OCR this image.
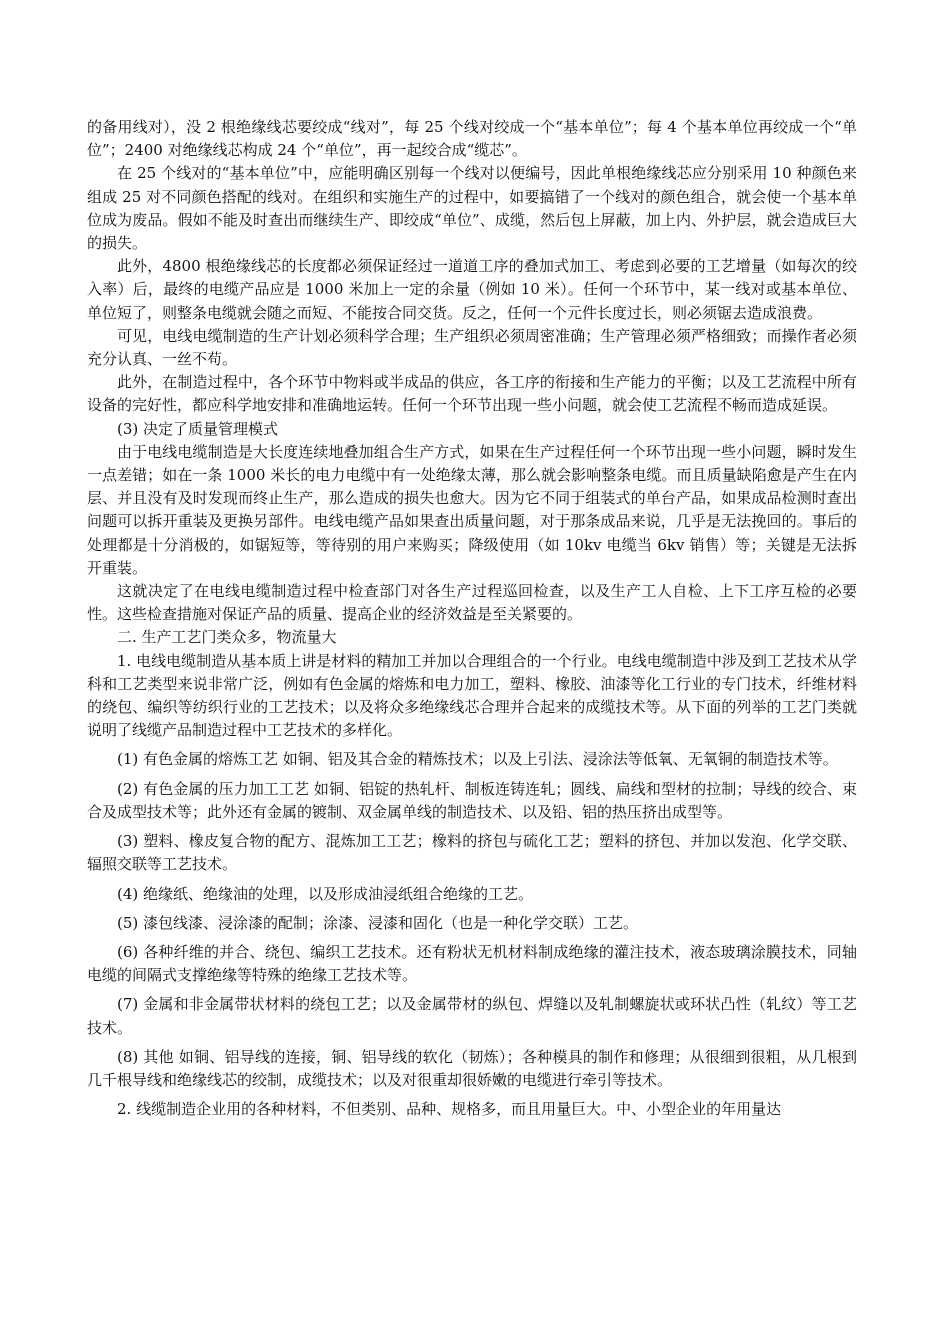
的备用线对），没 2 根绝缘线芯要绞成“线对”，每 25 个线对绞成一个“基本单位”；每 4 个基本单位再绞成一个“单位”；2400 对绝缘线芯构成 24 个“单位”，再一起绞合成“缆芯”。

在 25 个线对的“基本单位”中，应能明确区别每一个线对以便编号，因此单根绝缘线芯应分别采用 10 种颜色来组成 25 对不同颜色搭配的线对。在组织和实施生产的过程中，如要搞错了一个线对的颜色组合，就会使一个基本单位成为废品。假如不能及时查出而继续生产、即绞成“单位”、成缆，然后包上屏蔽，加上内、外护层，就会造成巨大的损失。

此外，4800 根绝缘线芯的长度都必须保证经过一道道工序的叠加式加工、考虑到必要的工艺增量（如每次的绞入率）后，最终的电缆产品应是 1000 米加上一定的余量（例如 10 米）。任何一个环节中，某一线对或基本单位、单位短了，则整条电缆就会随之而短、不能按合同交货。反之，任何一个元件长度过长，则必须锯去造成浪费。

可见，电线电缆制造的生产计划必须科学合理；生产组织必须周密准确；生产管理必须严格细致；而操作者必须充分认真、一丝不苟。

此外，在制造过程中，各个环节中物料或半成品的供应，各工序的衔接和生产能力的平衡；以及工艺流程中所有设备的完好性，都应科学地安排和准确地运转。任何一个环节出现一些小问题，就会使工艺流程不畅而造成延误。

(3) 决定了质量管理模式

由于电线电缆制造是大长度连续地叠加组合生产方式，如果在生产过程任何一个环节出现一些小问题，瞬时发生一点差错；如在一条 1000 米长的电力电缆中有一处绝缘太薄，那么就会影响整条电缆。而且质量缺陷愈是产生在内层、并且没有及时发现而终止生产，那么造成的损失也愈大。因为它不同于组装式的单台产品，如果成品检测时查出问题可以拆开重装及更换另部件。电线电缆产品如果查出质量问题，对于那条成品来说，几乎是无法挽回的。事后的处理都是十分消极的，如锯短等，等待别的用户来购买；降级使用（如 10kv 电缆当 6kv 销售）等；关键是无法拆开重装。

这就决定了在电线电缆制造过程中检查部门对各生产过程巡回检查，以及生产工人自检、上下工序互检的必要性。这些检查措施对保证产品的质量、提高企业的经济效益是至关紧要的。

二. 生产工艺门类众多，物流量大

1. 电线电缆制造从基本质上讲是材料的精加工并加以合理组合的一个行业。电线电缆制造中涉及到工艺技术从学科和工艺类型来说非常广泛，例如有色金属的熔炼和电力加工，塑料、橡胶、油漆等化工行业的专门技术，纤维材料的绕包、编织等纺织行业的工艺技术；以及将众多绝缘线芯合理并合起来的成缆技术等。从下面的列举的工艺门类就说明了线缆产品制造过程中工艺技术的多样化。

(1) 有色金属的熔炼工艺 如铜、铝及其合金的精炼技术；以及上引法、浸涂法等低氧、无氧铜的制造技术等。

(2) 有色金属的压力加工工艺 如铜、铝锭的热轧杆、制板连铸连轧；圆线、扁线和型材的拉制；导线的绞合、束合及成型技术等；此外还有金属的镀制、双金属单线的制造技术、以及铅、铝的热压挤出成型等。

(3) 塑料、橡皮复合物的配方、混炼加工工艺；橡料的挤包与硫化工艺；塑料的挤包、并加以发泡、化学交联、辐照交联等工艺技术。

(4) 绝缘纸、绝缘油的处理，以及形成油浸纸组合绝缘的工艺。

(5) 漆包线漆、浸涂漆的配制；涂漆、浸漆和固化（也是一种化学交联）工艺。

(6) 各种纤维的并合、绕包、编织工艺技术。还有粉状无机材料制成绝缘的灌注技术，液态玻璃涂膜技术，同轴电缆的间隔式支撑绝缘等特殊的绝缘工艺技术等。

(7) 金属和非金属带状材料的绕包工艺；以及金属带材的纵包、焊缝以及轧制螺旋状或环状凸性（轧纹）等工艺技术。

(8) 其他 如铜、铝导线的连接，铜、铝导线的软化（韧炼）；各种模具的制作和修理；从很细到很粗，从几根到几千根导线和绝缘线芯的绞制，成缆技术；以及对很重却很娇嫩的电缆进行牵引等技术。

2. 线缆制造企业用的各种材料，不但类别、品种、规格多，而且用量巨大。中、小型企业的年用量达
